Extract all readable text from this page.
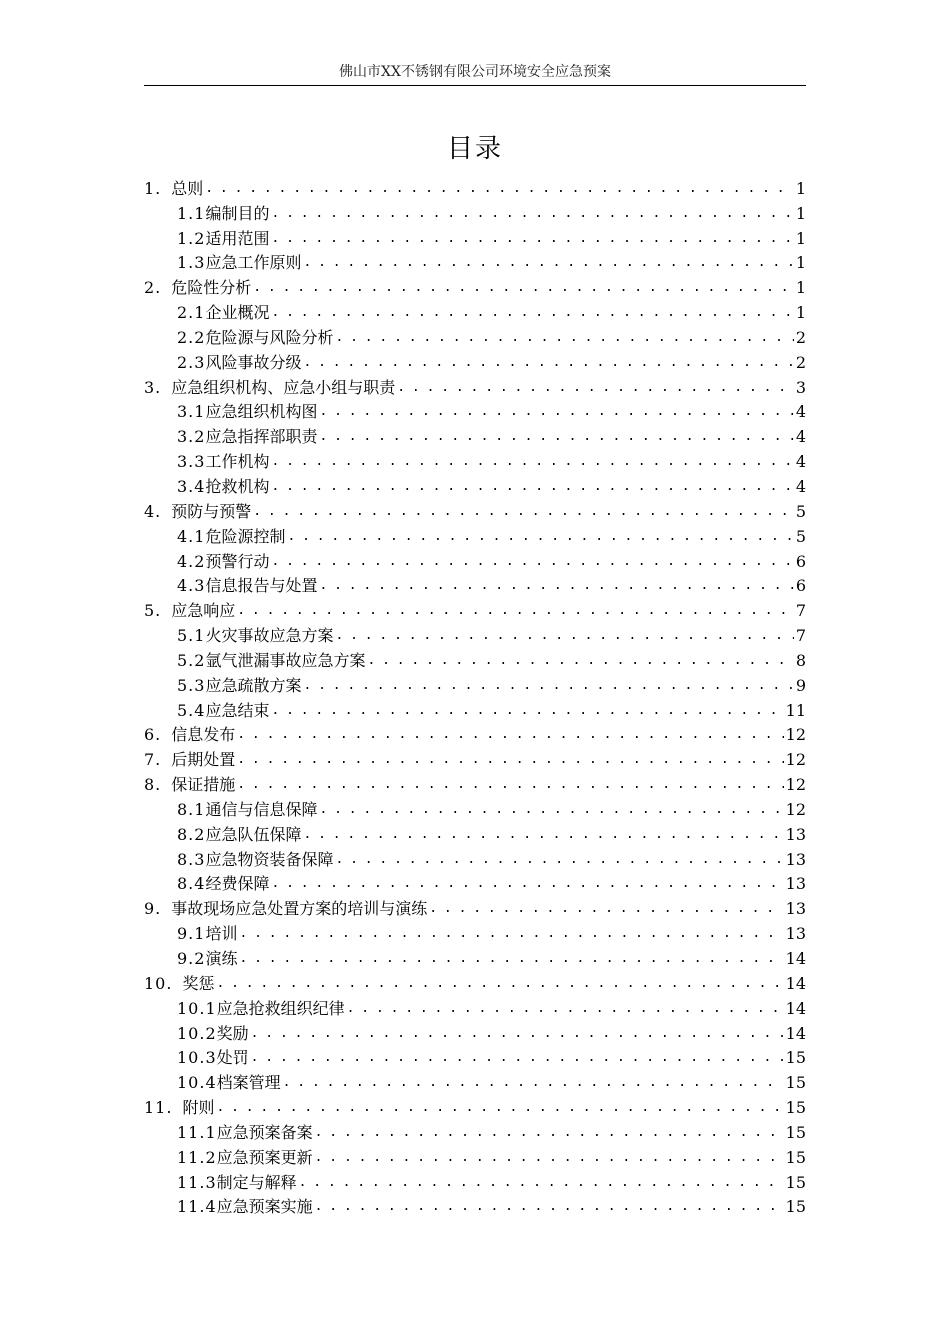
佛山市XX不锈钢有限公司环境安全应急预案
目录
1. 总则 . . .	1
1.1 编制目的 . . .	1
1.2 适用范围 . . .	1
1.3 应急工作原则 . . .	1
2. 危险性分析 . . .	1
2.1 企业概况 . . .	1
2.2 危险源与风险分析 . . .	2
2.3 风险事故分级 . . .	2
3. 应急组织机构、应急小组与职责 . . .	3
3.1 应急组织机构图 . . .	4
3.2 应急指挥部职责 . . .	4
3.3 工作机构 . . .	4
3.4 抢救机构 . . .	4
4. 预防与预警 . . .	5
4.1 危险源控制 . . .	5
4.2 预警行动 . . .	6
4.3 信息报告与处置 . . .	6
5. 应急响应 . . .	7
5.1 火灾事故应急方案 . . .	7
5.2 氩气泄漏事故应急方案 . . .	8
5.3 应急疏散方案 . . .	9
5.4 应急结束 . . .	11
6. 信息发布 . . .	12
7. 后期处置 . . .	12
8. 保证措施 . . .	12
8.1 通信与信息保障 . . .	12
8.2 应急队伍保障 . . .	13
8.3 应急物资装备保障 . . .	13
8.4 经费保障 . . .	13
9. 事故现场应急处置方案的培训与演练 . . .	13
9.1 培训 . . .	13
9.2 演练 . . .	14
10. 奖惩 . . .	14
10.1 应急抢救组织纪律 . . .	14
10.2 奖励 . . .	14
10.3 处罚 . . .	15
10.4 档案管理 . . .	15
11. 附则 . . .	15
11.1 应急预案备案 . . .	15
11.2 应急预案更新 . . .	15
11.3 制定与解释 . . .	15
11.4 应急预案实施 . . .	15
